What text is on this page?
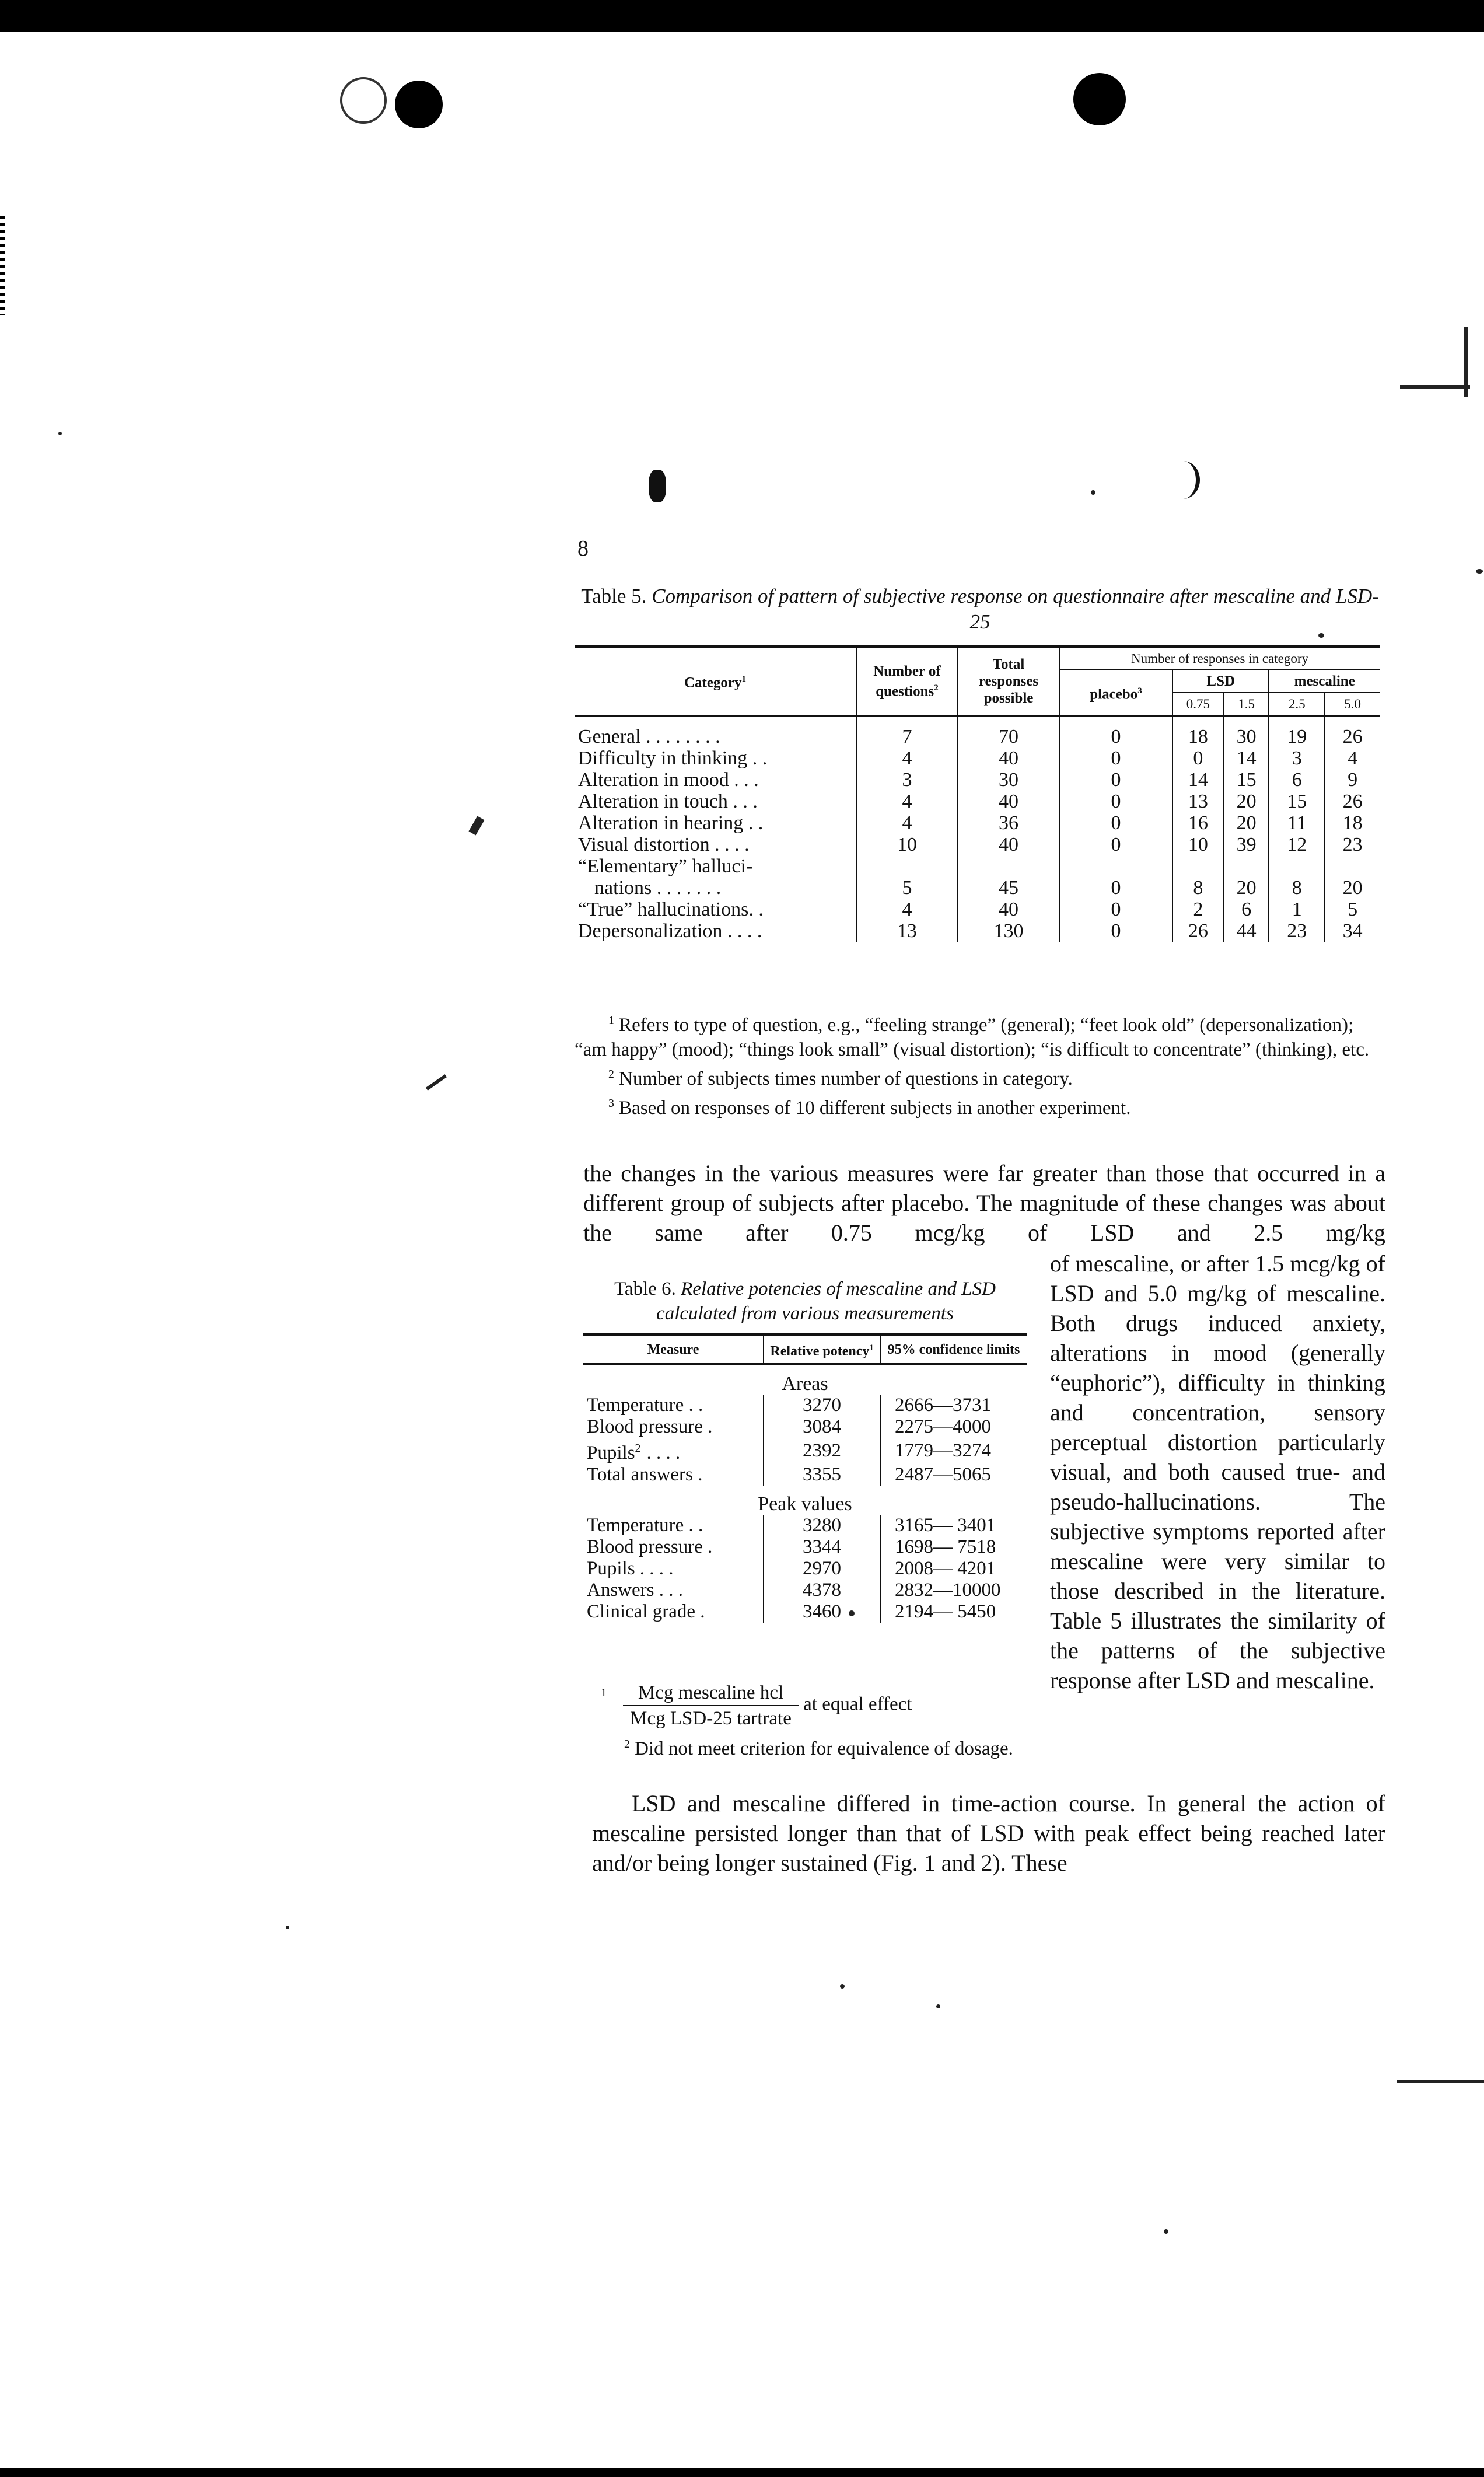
8
Table 5. Comparison of pattern of subjective response on questionnaire after mescaline and LSD-25
Category$^1$	Number of questions$^2$	Total responses possible	Number of responses in category				
			placebo$^3$	LSD		mescaline	
				0.75	1.5	2.5	5.0
General . . . . . . . .	7	70	0	18	30	19	26
Difficulty in thinking . .	4	40	0	0	14	3	4
Alteration in mood . . .	3	30	0	14	15	6	9
Alteration in touch . . .	4	40	0	13	20	15	26
Alteration in hearing . .	4	36	0	16	20	11	18
Visual distortion . . . .	10	40	0	10	39	12	23
“Elementary” halluci-							
nations . . . . . . .	5	45	0	8	20	8	20
“True” hallucinations. .	4	40	0	2	6	1	5
Depersonalization . . . .	13	130	0	26	44	23	34

$^1$ Refers to type of question, e.g., “feeling strange” (general); “feet look old” (depersonalization); “am happy” (mood); “things look small” (visual distortion); “is difficult to concentrate” (thinking), etc.

$^2$ Number of subjects times number of questions in category.

$^3$ Based on responses of 10 different subjects in another experiment.

the changes in the various measures were far greater than those that occurred in a different group of subjects after placebo. The magnitude of these changes was about the same after 0.75 mcg/kg of LSD and 2.5 mg/kg

Table 6. Relative potencies of mescaline and LSD calculated from various measurements
Measure	Relative potency$^1$	95% confidence limits
Areas		
Temperature . .	3270	2666—3731
Blood pressure .	3084	2275—4000
Pupils$^2$ . . . .	2392	1779—3274
Total answers .	3355	2487—5065
Peak values		
Temperature . .	3280	3165— 3401
Blood pressure .	3344	1698— 7518
Pupils . . . .	2970	2008— 4201
Answers . . .	4378	2832—10000
Clinical grade .	3460	2194— 5450
$^1 \frac{\text{Mcg mescaline hcl}}{\text{Mcg LSD-25 tartrate}}$ at equal effect

$^2$ Did not meet criterion for equivalence of dosage.

of mescaline, or after 1.5 mcg/kg of LSD and 5.0 mg/kg of mescaline. Both drugs induced anxiety, alterations in mood (generally “euphoric”), difficulty in thinking and concentration, sensory perceptual distortion particularly visual, and both caused true- and pseudo-hallucinations. The subjective symptoms reported after mescaline were very similar to those described in the literature. Table 5 illustrates the similarity of the patterns of the subjective response after LSD and mescaline.

LSD and mescaline differed in time-action course. In general the action of mescaline persisted longer than that of LSD with peak effect being reached later and/or being longer sustained (Fig. 1 and 2). These
